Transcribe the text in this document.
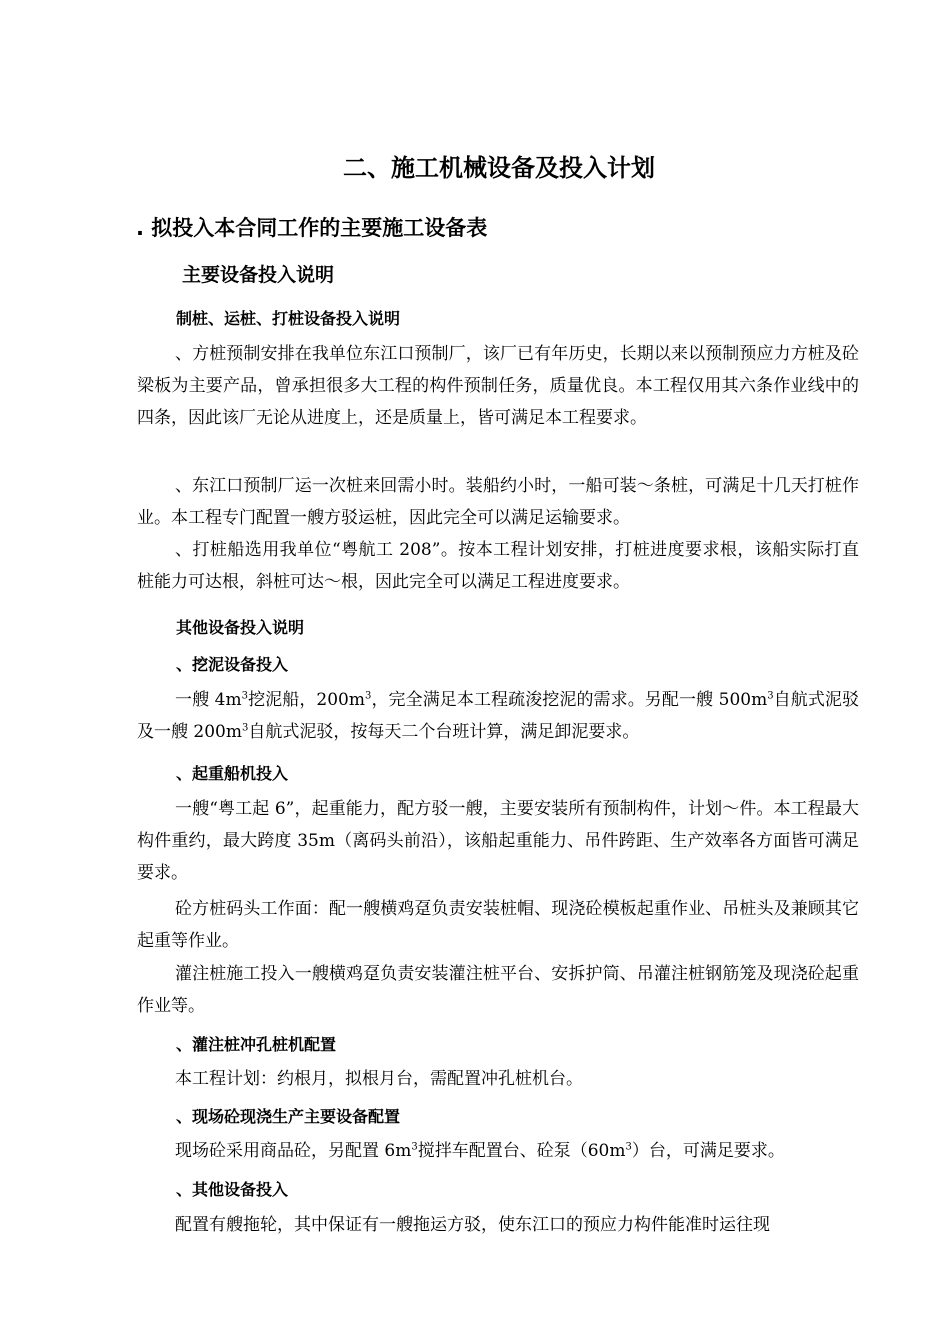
二、施工机械设备及投入计划
. 拟投入本合同工作的主要施工设备表
主要设备投入说明
制桩、运桩、打桩设备投入说明

、方桩预制安排在我单位东江口预制厂，该厂已有年历史，长期以来以预制预应力方桩及砼梁板为主要产品，曾承担很多大工程的构件预制任务，质量优良。本工程仅用其六条作业线中的四条，因此该厂无论从进度上，还是质量上，皆可满足本工程要求。

、东江口预制厂运一次桩来回需小时。装船约小时，一船可装～条桩，可满足十几天打桩作业。本工程专门配置一艘方驳运桩，因此完全可以满足运输要求。

、打桩船选用我单位“粤航工 208”。按本工程计划安排，打桩进度要求根，该船实际打直桩能力可达根，斜桩可达～根，因此完全可以满足工程进度要求。

其他设备投入说明
、挖泥设备投入

一艘 $4m^3$挖泥船，$200m^3$，完全满足本工程疏浚挖泥的需求。另配一艘 $500m^3$自航式泥驳及一艘 $200m^3$自航式泥驳，按每天二个台班计算，满足卸泥要求。

、起重船机投入

一艘“粤工起 6”，起重能力，配方驳一艘，主要安装所有预制构件，计划～件。本工程最大构件重约，最大跨度 35m（离码头前沿），该船起重能力、吊件跨距、生产效率各方面皆可满足要求。

砼方桩码头工作面：配一艘横鸡趸负责安装桩帽、现浇砼模板起重作业、吊桩头及兼顾其它起重等作业。

灌注桩施工投入一艘横鸡趸负责安装灌注桩平台、安拆护筒、吊灌注桩钢筋笼及现浇砼起重作业等。

、灌注桩冲孔桩机配置

本工程计划：约根月，拟根月台，需配置冲孔桩机台。

、现场砼现浇生产主要设备配置

现场砼采用商品砼，另配置 $6m^3$搅拌车配置台、砼泵$(60m^3)$台，可满足要求。

、其他设备投入

配置有艘拖轮，其中保证有一艘拖运方驳，使东江口的预应力构件能准时运往现
